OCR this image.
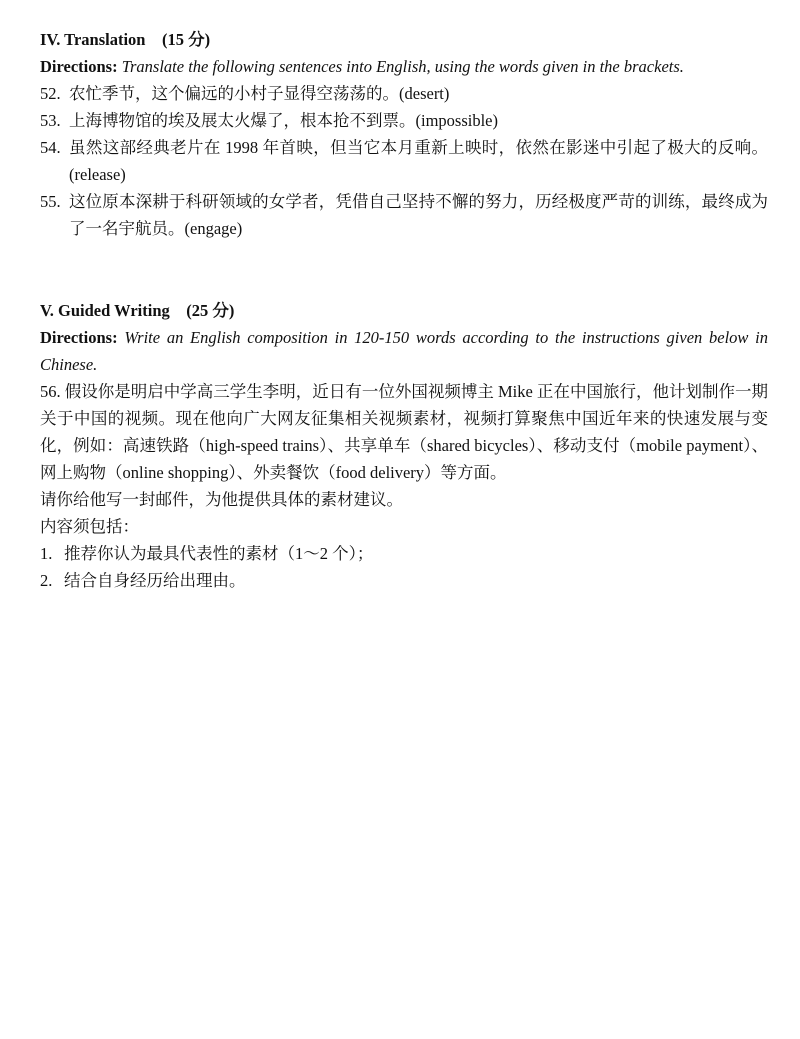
IV. Translation    (15 分)
Directions: Translate the following sentences into English, using the words given in the brackets.
52. 农忙季节，这个偏远的小村子显得空荡荡的。(desert)
53. 上海博物馆的埃及展太火爆了，根本抢不到票。(impossible)
54. 虽然这部经典老片在 1998 年首映，但当它本月重新上映时，依然在影迷中引起了极大的反响。(release)
55. 这位原本深耕于科研领域的女学者，凭借自己坚持不懈的努力，历经极度严苛的训练，最终成为了一名宇航员。(engage)
V. Guided Writing    (25 分)
Directions: Write an English composition in 120-150 words according to the instructions given below in Chinese.
56. 假设你是明启中学高三学生李明，近日有一位外国视频博主 Mike 正在中国旅行，他计划制作一期关于中国的视频。现在他向广大网友征集相关视频素材，视频打算聚焦中国近年来的快速发展与变化，例如：高速铁路（high-speed trains）、共享单车（shared bicycles）、移动支付（mobile payment）、网上购物（online shopping）、外卖餐饮（food delivery）等方面。
请你给他写一封邮件，为他提供具体的素材建议。
内容须包括：
1. 推荐你认为最具代表性的素材（1～2 个）；
2. 结合自身经历给出理由。
